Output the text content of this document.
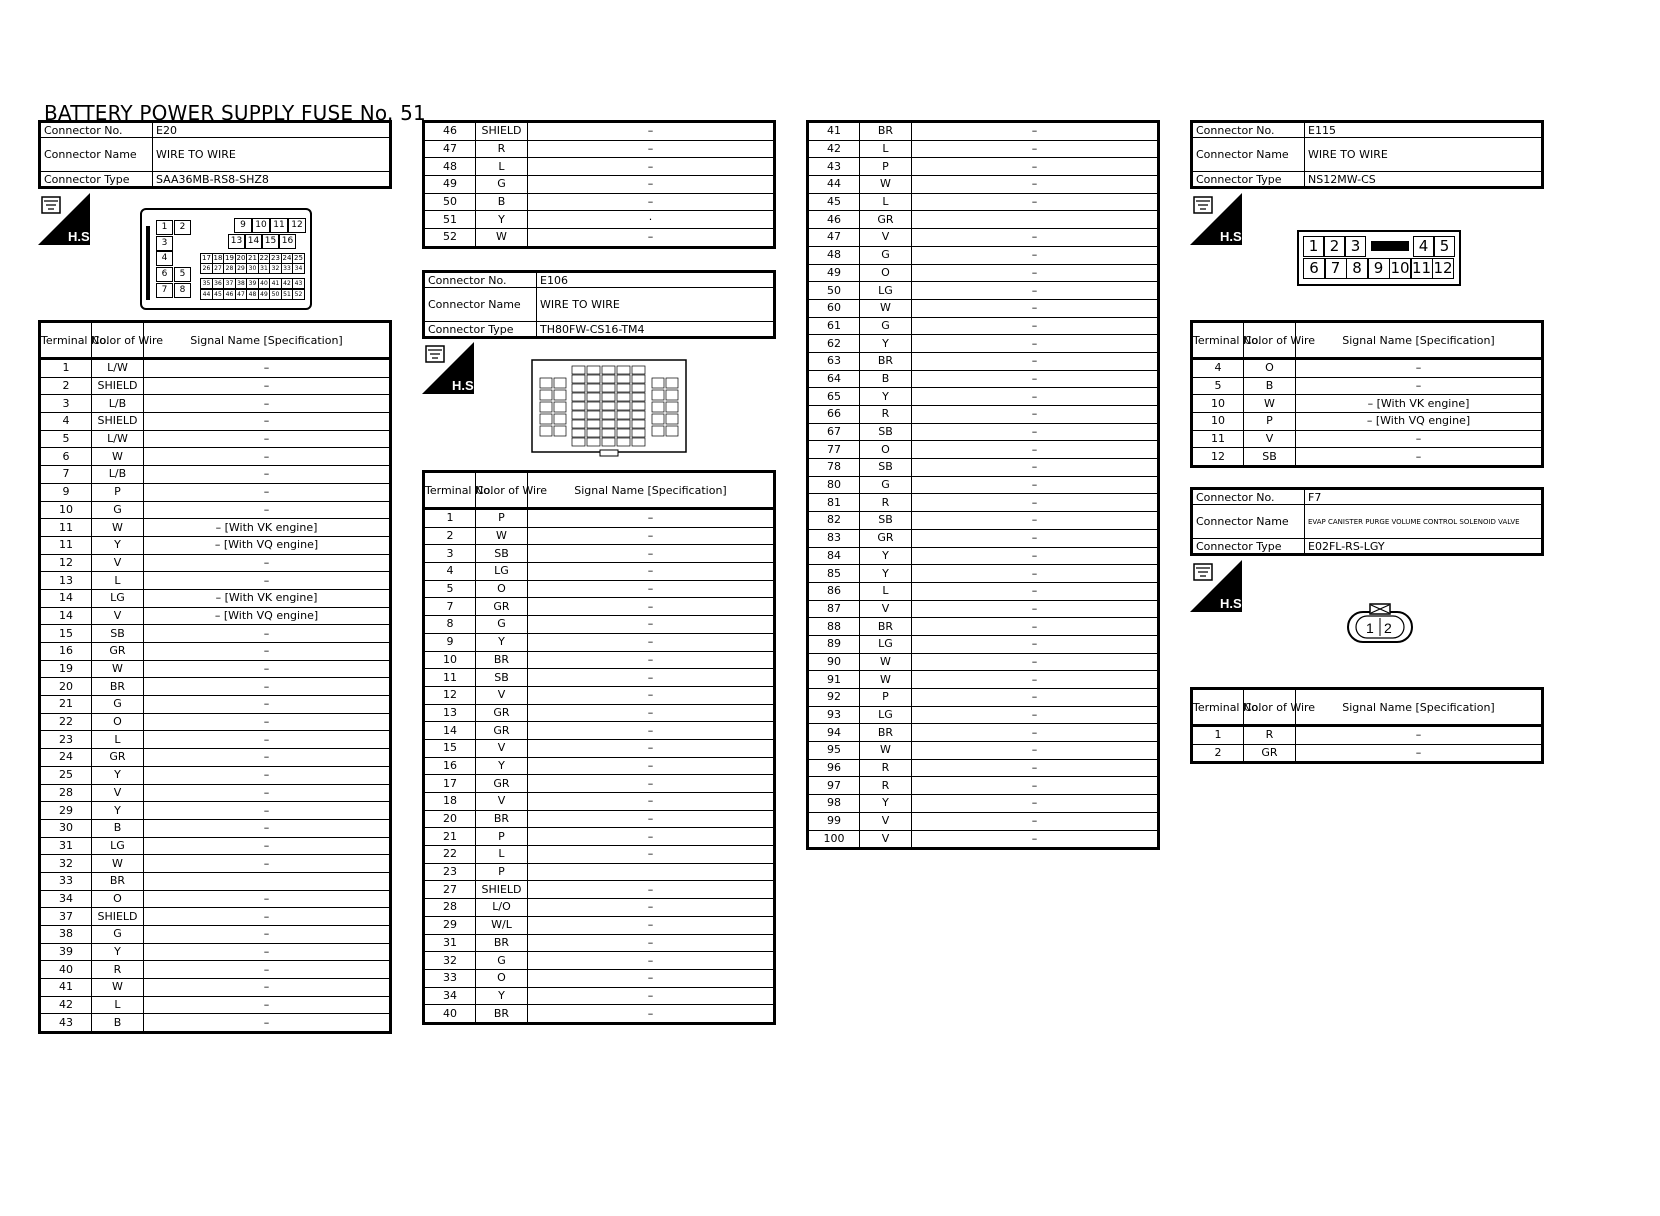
BATTERY POWER SUPPLY FUSE No. 51
Connector No.	E20
Connector Name	WIRE TO WIRE
Connector Type	SAA36MB-RS8-SHZ8
H.S.
1	2	9	10 11 12
3	13 14 15 16
4	17 18 19 20 21 22 23 24 25
6	5
26 27 28 29 30 31 32 33 34
7	8
35 36 37 38 39 40 41 42 43
44 45 46 47 48 49 50 51 52
Terminal No.	Color of Wire	Signal Name [Specification]
1	L/W	–
2	SHIELD	–
3	L/B	–
4	SHIELD	–
5	L/W	–
6	W	–
7	L/B	–
9	P	–
10	G	–
11	W	– [With VK engine]
11	Y	– [With VQ engine]
12	V	–
13	L	–
14	LG	– [With VK engine]
14	V	– [With VQ engine]
15	SB	–
16	GR	–
19	W	–
20	BR	–
21	G	–
22	O	–
23	L	–
24	GR	–
25	Y	–
28	V	–
29	Y	–
30	B	–
31	LG	–
32	W	–
33	BR	
34	O	–
37	SHIELD	–
38	G	–
39	Y	–
40	R	–
41	W	–
42	L	–
43	B	–
46	SHIELD	–
47	R	–
48	L	–
49	G	–
50	B	–
51	Y	·
52	W	–
Connector No.	E106
Connector Name	WIRE TO WIRE
Connector Type	TH80FW-CS16-TM4
H.S.
Terminal No.	Color of Wire	Signal Name [Specification]
1	P	–
2	W	–
3	SB	–
4	LG	–
5	O	–
7	GR	–
8	G	–
9	Y	–
10	BR	–
11	SB	–
12	V	–
13	GR	–
14	GR	–
15	V	–
16	Y	–
17	GR	–
18	V	–
20	BR	–
21	P	–
22	L	–
23	P	
27	SHIELD	–
28	L/O	–
29	W/L	–
31	BR	–
32	G	–
33	O	–
34	Y	–
40	BR	–
41	BR	–
42	L	–
43	P	–
44	W	–
45	L	–
46	GR	
47	V	–
48	G	–
49	O	–
50	LG	–
60	W	–
61	G	–
62	Y	–
63	BR	–
64	B	–
65	Y	–
66	R	–
67	SB	–
77	O	–
78	SB	–
80	G	–
81	R	–
82	SB	–
83	GR	–
84	Y	–
85	Y	–
86	L	–
87	V	–
88	BR	–
89	LG	–
90	W	–
91	W	–
92	P	–
93	LG	–
94	BR	–
95	W	–
96	R	–
97	R	–
98	Y	–
99	V	–
100	V	–
Connector No.	E115
Connector Name	WIRE TO WIRE
Connector Type	NS12MW-CS
H.S.
1 2 3	4 5
6 7 8 9 10 11 12
Terminal No.	Color of Wire	Signal Name [Specification]
4	O	–
5	B	–
10	W	– [With VK engine]
10	P	– [With VQ engine]
11	V	–
12	SB	–
Connector No.	F7
Connector Name	EVAP CANISTER PURGE VOLUME CONTROL SOLENOID VALVE
Connector Type	E02FL-RS-LGY
H.S.
1 2
Terminal No.	Color of Wire	Signal Name [Specification]
1	R	–
2	GR	–
